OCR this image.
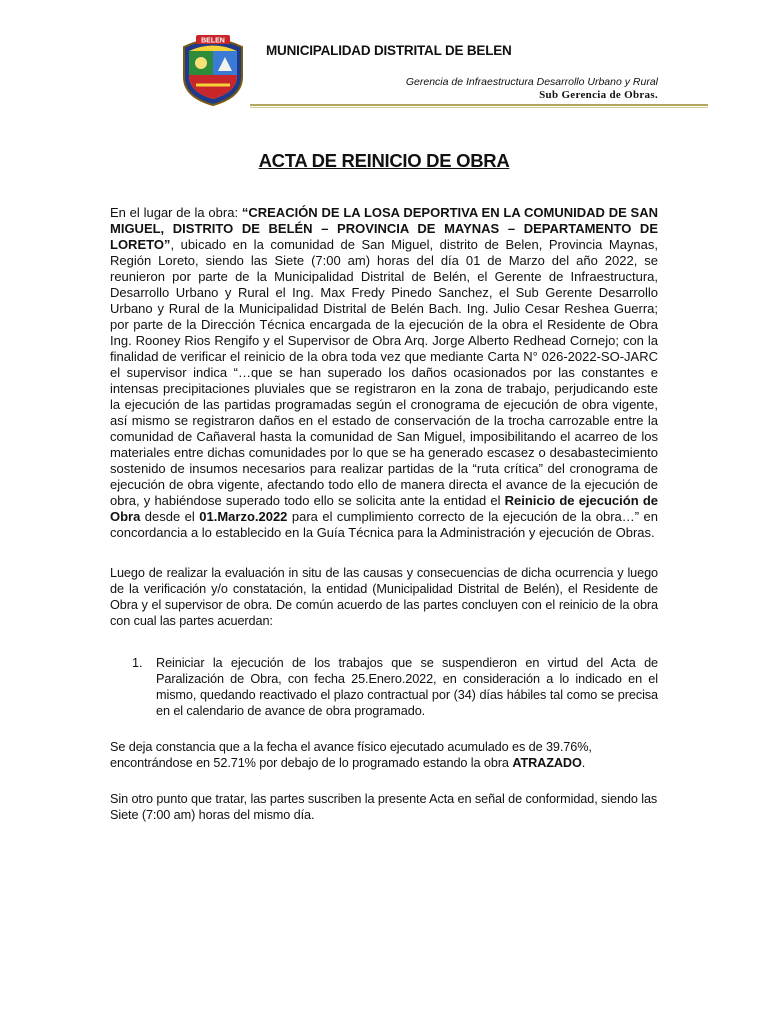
BELEN
MUNICIPALIDAD DISTRITAL DE BELEN
Gerencia de Infraestructura Desarrollo Urbano y Rural
Sub Gerencia de Obras.
ACTA DE REINICIO DE OBRA

En el lugar de la obra: “CREACIÓN DE LA LOSA DEPORTIVA EN LA COMUNIDAD DE SAN MIGUEL, DISTRITO DE BELÉN – PROVINCIA DE MAYNAS – DEPARTAMENTO DE LORETO”, ubicado en la comunidad de San Miguel, distrito de Belen, Provincia Maynas, Región Loreto, siendo las Siete (7:00 am) horas del día 01 de Marzo del año 2022, se reunieron por parte de la Municipalidad Distrital de Belén, el Gerente de Infraestructura, Desarrollo Urbano y Rural el Ing. Max Fredy Pinedo Sanchez, el Sub Gerente Desarrollo Urbano y Rural de la Municipalidad Distrital de Belén Bach. Ing. Julio Cesar Reshea Guerra; por parte de la Dirección Técnica encargada de la ejecución de la obra el Residente de Obra Ing. Rooney Rios Rengifo y el Supervisor de Obra Arq. Jorge Alberto Redhead Cornejo; con la finalidad de verificar el reinicio de la obra toda vez que mediante Carta N° 026-2022-SO-JARC el supervisor indica “…que se han superado los daños ocasionados por las constantes e intensas precipitaciones pluviales que se registraron en la zona de trabajo, perjudicando este la ejecución de las partidas programadas según el cronograma de ejecución de obra vigente, así mismo se registraron daños en el estado de conservación de la trocha carrozable entre la comunidad de Cañaveral hasta la comunidad de San Miguel, imposibilitando el acarreo de los materiales entre dichas comunidades por lo que se ha generado escasez o desabastecimiento sostenido de insumos necesarios para realizar partidas de la “ruta crítica” del cronograma de ejecución de obra vigente, afectando todo ello de manera directa el avance de la ejecución de obra, y habiéndose superado todo ello se solicita ante la entidad el Reinicio de ejecución de Obra desde el 01.Marzo.2022 para el cumplimiento correcto de la ejecución de la obra…” en concordancia a lo establecido en la Guía Técnica para la Administración y ejecución de Obras.

Luego de realizar la evaluación in situ de las causas y consecuencias de dicha ocurrencia y luego de la verificación y/o constatación, la entidad (Municipalidad Distrital de Belén), el Residente de Obra y el supervisor de obra. De común acuerdo de las partes concluyen con el reinicio de la obra con cual las partes acuerdan:

1.	Reiniciar la ejecución de los trabajos que se suspendieron en virtud del Acta de Paralización de Obra, con fecha 25.Enero.2022, en consideración a lo indicado en el mismo, quedando reactivado el plazo contractual por (34) días hábiles tal como se precisa en el calendario de avance de obra programado.

Se deja constancia que a la fecha el avance físico ejecutado acumulado es de 39.76%, encontrándose en 52.71% por debajo de lo programado estando la obra ATRAZADO.

Sin otro punto que tratar, las partes suscriben la presente Acta en señal de conformidad, siendo las Siete (7:00 am) horas del mismo día.
